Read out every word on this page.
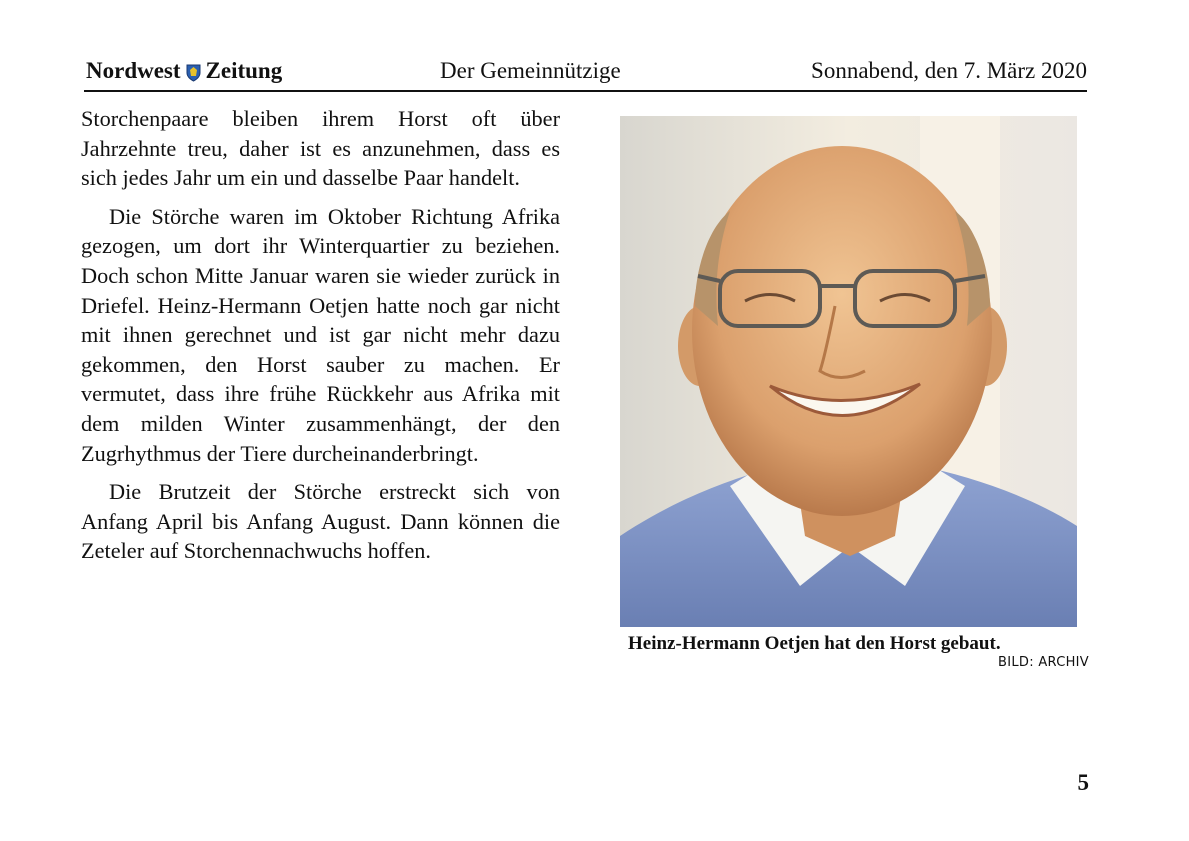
Nordwest Zeitung	Der Gemeinnützige	Sonnabend, den 7. März 2020

Storchenpaare bleiben ihrem Horst oft über Jahrzehnte treu, daher ist es anzunehmen, dass es sich jedes Jahr um ein und dasselbe Paar handelt.

Die Störche waren im Oktober Richtung Afrika gezogen, um dort ihr Winterquartier zu beziehen. Doch schon Mitte Januar waren sie wieder zurück in Driefel. Heinz-Hermann Oetjen hatte noch gar nicht mit ihnen gerechnet und ist gar nicht mehr dazu gekommen, den Horst sauber zu machen. Er vermutet, dass ihre frühe Rückkehr aus Afrika mit dem milden Winter zusammenhängt, der den Zugrhythmus der Tiere durcheinanderbringt.

Die Brutzeit der Störche erstreckt sich von Anfang April bis Anfang August. Dann können die Zeteler auf Storchennachwuchs hoffen.

Heinz-Hermann Oetjen hat den Horst gebaut.
BILD: ARCHIV
5
